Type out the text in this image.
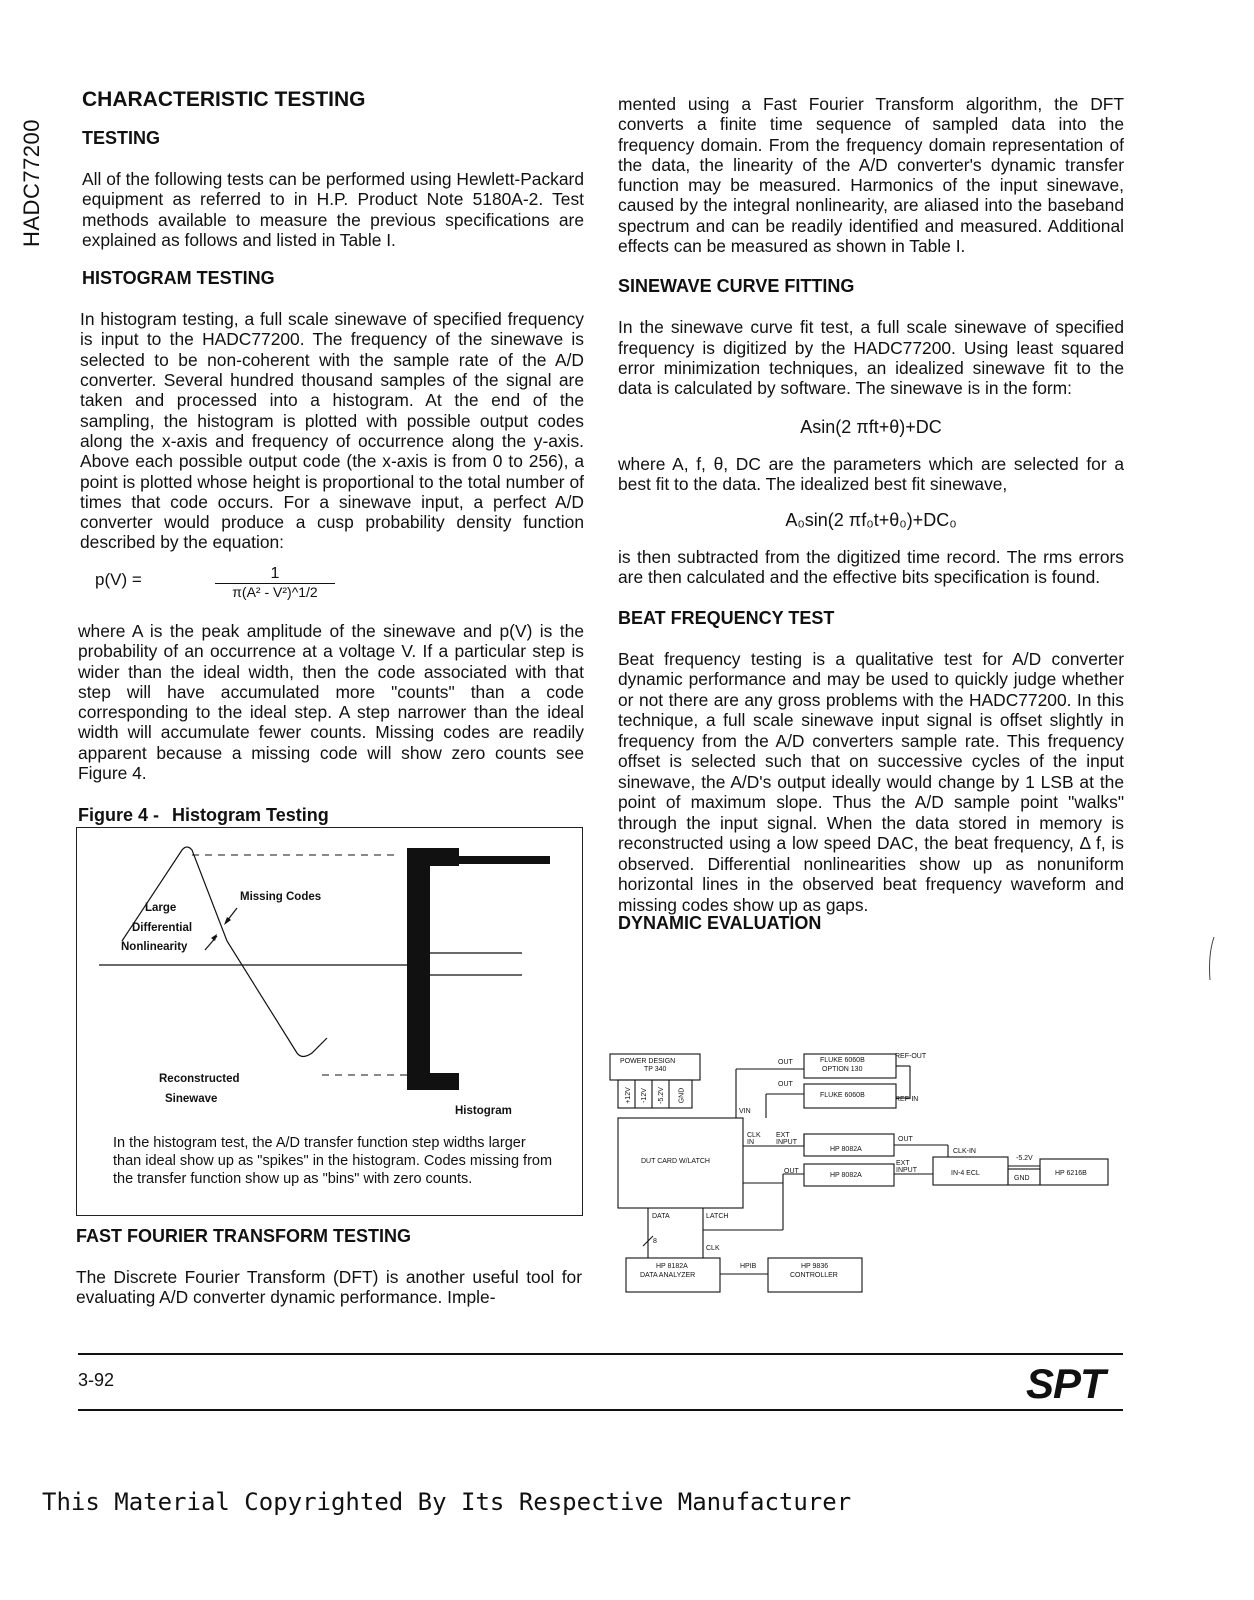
HADC77200
CHARACTERISTIC TESTING
TESTING

All of the following tests can be performed using Hewlett-Packard equipment as referred to in H.P. Product Note 5180A-2. Test methods available to measure the previous specifications are explained as follows and listed in Table I.

HISTOGRAM TESTING

In histogram testing, a full scale sinewave of specified frequency is input to the HADC77200. The frequency of the sinewave is selected to be non-coherent with the sample rate of the A/D converter. Several hundred thousand samples of the signal are taken and processed into a histogram. At the end of the sampling, the histogram is plotted with possible output codes along the x-axis and frequency of occurrence along the y-axis. Above each possible output code (the x-axis is from 0 to 256), a point is plotted whose height is proportional to the total number of times that code occurs. For a sinewave input, a perfect A/D converter would produce a cusp probability density function described by the equation:

p(V) =	1
π(A² - V²)^1/2

where A is the peak amplitude of the sinewave and p(V) is the probability of an occurrence at a voltage V. If a particular step is wider than the ideal width, then the code associated with that step will have accumulated more "counts" than a code corresponding to the ideal step. A step narrower than the ideal width will accumulate fewer counts. Missing codes are readily apparent because a missing code will show zero counts see Figure 4.

Figure 4 - Histogram Testing
Missing Codes
Large
Differential
Nonlinearity
Reconstructed
Sinewave
Histogram
In the histogram test, the A/D transfer function step widths larger than ideal show up as "spikes" in the histogram. Codes missing from the transfer function show up as "bins" with zero counts.
FAST FOURIER TRANSFORM TESTING

The Discrete Fourier Transform (DFT) is another useful tool for evaluating A/D converter dynamic performance. Imple-

mented using a Fast Fourier Transform algorithm, the DFT converts a finite time sequence of sampled data into the frequency domain. From the frequency domain representation of the data, the linearity of the A/D converter's dynamic transfer function may be measured. Harmonics of the input sinewave, caused by the integral nonlinearity, are aliased into the baseband spectrum and can be readily identified and measured. Additional effects can be measured as shown in Table I.

SINEWAVE CURVE FITTING

In the sinewave curve fit test, a full scale sinewave of specified frequency is digitized by the HADC77200. Using least squared error minimization techniques, an idealized sinewave fit to the data is calculated by software. The sinewave is in the form:

Asin(2 πft+θ)+DC

where A, f, θ, DC are the parameters which are selected for a best fit to the data. The idealized best fit sinewave,

A₀sin(2 πf₀t+θ₀)+DC₀

is then subtracted from the digitized time record. The rms errors are then calculated and the effective bits specification is found.

BEAT FREQUENCY TEST

Beat frequency testing is a qualitative test for A/D converter dynamic performance and may be used to quickly judge whether or not there are any gross problems with the HADC77200. In this technique, a full scale sinewave input signal is offset slightly in frequency from the A/D converters sample rate. This frequency offset is selected such that on successive cycles of the input sinewave, the A/D's output ideally would change by 1 LSB at the point of maximum slope. Thus the A/D sample point "walks" through the input signal. When the data stored in memory is reconstructed using a low speed DAC, the beat frequency, Δ f, is observed. Differential nonlinearities show up as nonuniform horizontal lines in the observed beat frequency waveform and missing codes show up as gaps.

DYNAMIC EVALUATION
POWER DESIGN
TP 340
+12V -12V -5.2V GND
OUT
OUT
FLUKE 6060B
OPTION 130
FLUKE 6060B
REF-OUT
REF-IN
VIN
CLK IN
EXT INPUT	OUT
HP 8082A
OUT
EXT INPUT
HP 8082A
CLK-IN
-5.2V
IN-4 ECL
GND
HP 6216B
DUT CARD W/LATCH
DATA	LATCH
8
CLK
HP 8182A
DATA ANALYZER
HPIB	HP 9836
CONTROLLER
3-92	SPT
This Material Copyrighted By Its Respective Manufacturer
